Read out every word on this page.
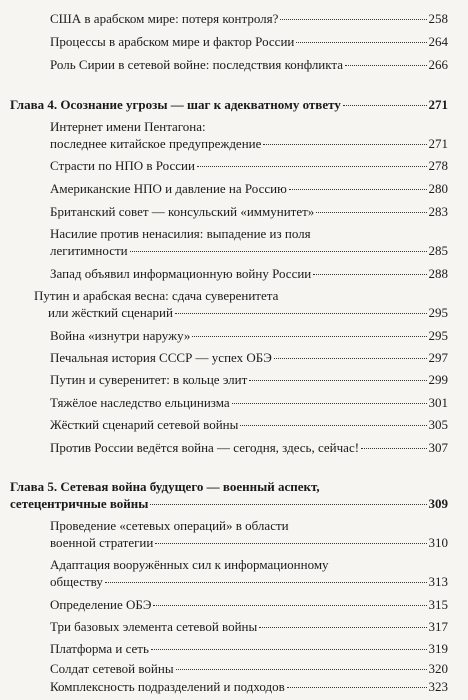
США в арабском мире: потеря контроля?	258
Процессы в арабском мире и фактор России	264
Роль Сирии в сетевой войне: последствия конфликта	266
Глава 4. Осознание угрозы — шаг к адекватному ответу	271
Интернет имени Пентагона:
последнее китайское предупреждение	271
Страсти по НПО в России	278
Американские НПО и давление на Россию	280
Британский совет — консульский «иммунитет»	283
Насилие против ненасилия: выпадение из поля
легитимности	285
Запад объявил информационную войну России	288
Путин и арабская весна: сдача суверенитета
или жёсткий сценарий	295
Война «изнутри наружу»	295
Печальная история СССР — успех ОБЭ	297
Путин и суверенитет: в кольце элит	299
Тяжёлое наследство ельцинизма	301
Жёсткий сценарий сетевой войны	305
Против России ведётся война — сегодня, здесь, сейчас!	307
Глава 5. Сетевая война будущего — военный аспект,
сетецентричные войны	309
Проведение «сетевых операций» в области
военной стратегии	310
Адаптация вооружённых сил к информационному
обществу	313
Определение ОБЭ	315
Три базовых элемента сетевой войны	317
Платформа и сеть	319
Солдат сетевой войны	320
Комплексность подразделений и подходов	323
